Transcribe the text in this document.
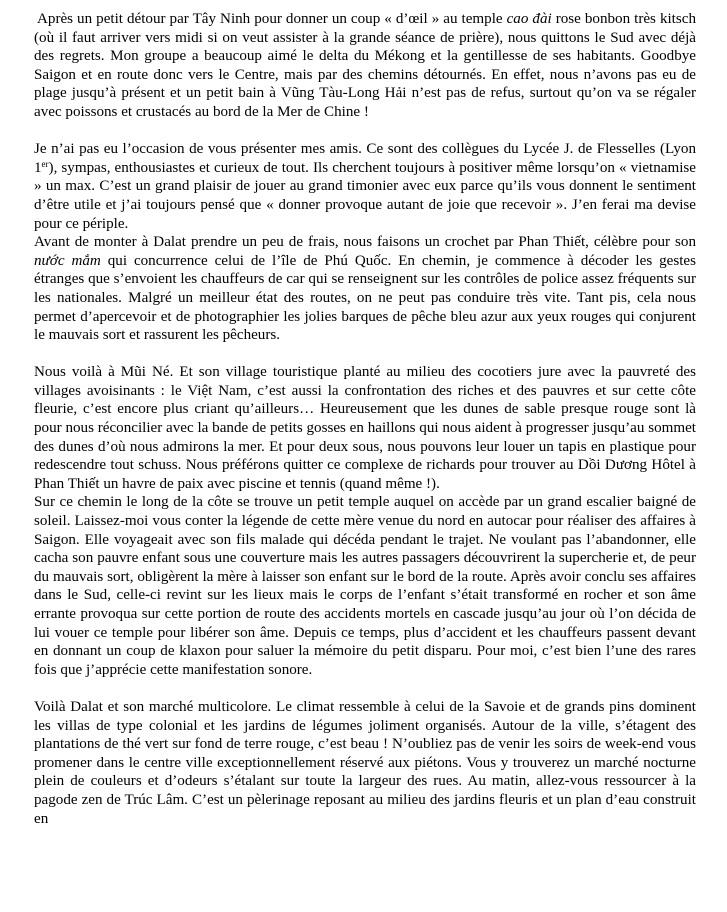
Après un petit détour par Tây Ninh pour donner un coup « d’œil » au temple cao đài rose bonbon très kitsch (où il faut arriver vers midi si on veut assister à la grande séance de prière), nous quittons le Sud avec déjà des regrets. Mon groupe a beaucoup aimé le delta du Mékong et la gentillesse de ses habitants. Goodbye Saigon et en route donc vers le Centre, mais par des chemins détournés. En effet, nous n’avons pas eu de plage jusqu’à présent et un petit bain à Vũng Tàu-Long Hải n’est pas de refus, surtout qu’on va se régaler avec poissons et crustacés au bord de la Mer de Chine !

Je n’ai pas eu l’occasion de vous présenter mes amis. Ce sont des collègues du Lycée J. de Flesselles (Lyon 1er), sympas, enthousiastes et curieux de tout. Ils cherchent toujours à positiver même lorsqu’on « vietnamise » un max. C’est un grand plaisir de jouer au grand timonier avec eux parce qu’ils vous donnent le sentiment d’être utile et j’ai toujours pensé que « donner provoque autant de joie que recevoir ». J’en ferai ma devise pour ce périple.

Avant de monter à Dalat prendre un peu de frais, nous faisons un crochet par Phan Thiết, célèbre pour son nước mắm qui concurrence celui de l’île de Phú Quốc. En chemin, je commence à décoder les gestes étranges que s’envoient les chauffeurs de car qui se renseignent sur les contrôles de police assez fréquents sur les nationales. Malgré un meilleur état des routes, on ne peut pas conduire très vite. Tant pis, cela nous permet d’apercevoir et de photographier les jolies barques de pêche bleu azur aux yeux rouges qui conjurent le mauvais sort et rassurent les pêcheurs.

Nous voilà à Mũi Né. Et son village touristique planté au milieu des cocotiers jure avec la pauvreté des villages avoisinants : le Việt Nam, c’est aussi la confrontation des riches et des pauvres et sur cette côte fleurie, c’est encore plus criant qu’ailleurs… Heureusement que les dunes de sable presque rouge sont là pour nous réconcilier avec la bande de petits gosses en haillons qui nous aident à progresser jusqu’au sommet des dunes d’où nous admirons la mer. Et pour deux sous, nous pouvons leur louer un tapis en plastique pour redescendre tout schuss. Nous préférons quitter ce complexe de richards pour trouver au Dồi Dương Hôtel à Phan Thiết un havre de paix avec piscine et tennis (quand même !).

Sur ce chemin le long de la côte se trouve un petit temple auquel on accède par un grand escalier baigné de soleil. Laissez-moi vous conter la légende de cette mère venue du nord en autocar pour réaliser des affaires à Saigon. Elle voyageait avec son fils malade qui décéda pendant le trajet. Ne voulant pas l’abandonner, elle cacha son pauvre enfant sous une couverture mais les autres passagers découvrirent la supercherie et, de peur du mauvais sort, obligèrent la mère à laisser son enfant sur le bord de la route. Après avoir conclu ses affaires dans le Sud, celle-ci revint sur les lieux mais le corps de l’enfant s’était transformé en rocher et son âme errante provoqua sur cette portion de route des accidents mortels en cascade jusqu’au jour où l’on décida de lui vouer ce temple pour libérer son âme. Depuis ce temps, plus d’accident et les chauffeurs passent devant en donnant un coup de klaxon pour saluer la mémoire du petit disparu. Pour moi, c’est bien l’une des rares fois que j’apprécie cette manifestation sonore.

Voilà Dalat et son marché multicolore. Le climat ressemble à celui de la Savoie et de grands pins dominent les villas de type colonial et les jardins de légumes joliment organisés. Autour de la ville, s’étagent des plantations de thé vert sur fond de terre rouge, c’est beau ! N’oubliez pas de venir les soirs de week-end vous promener dans le centre ville exceptionnellement réservé aux piétons. Vous y trouverez un marché nocturne plein de couleurs et d’odeurs s’étalant sur toute la largeur des rues. Au matin, allez-vous ressourcer à la pagode zen de Trúc Lâm. C’est un pèlerinage reposant au milieu des jardins fleuris et un plan d’eau construit en
